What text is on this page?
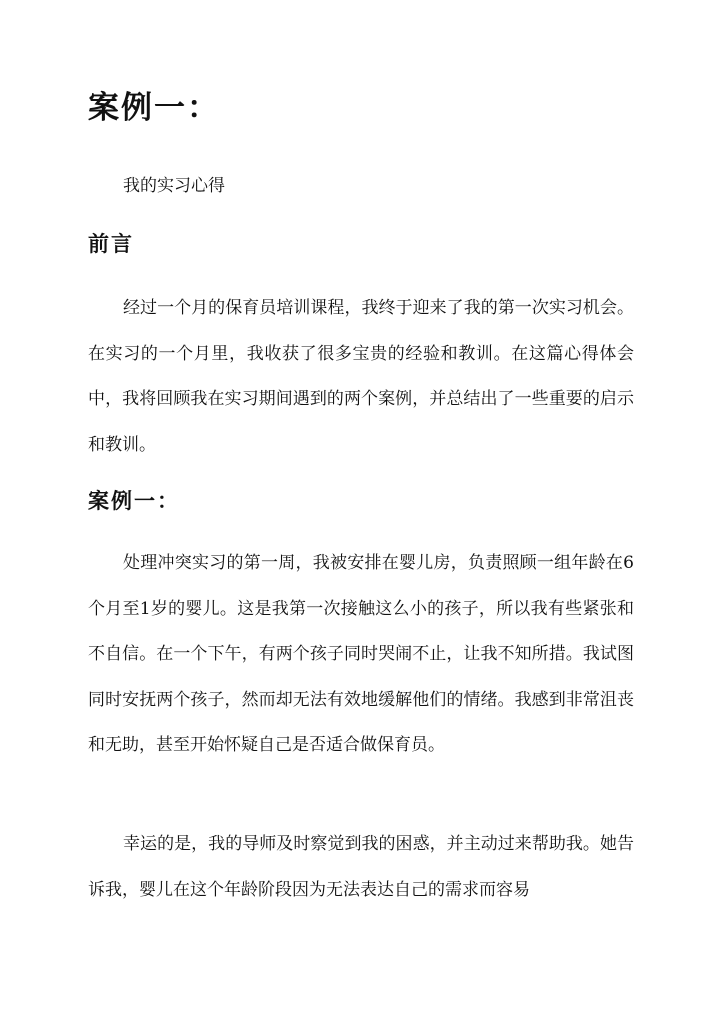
案例一：

我的实习心得

前言

经过一个月的保育员培训课程，我终于迎来了我的第一次实习机会。在实习的一个月里，我收获了很多宝贵的经验和教训。在这篇心得体会中，我将回顾我在实习期间遇到的两个案例，并总结出了一些重要的启示和教训。

案例一：

处理冲突实习的第一周，我被安排在婴儿房，负责照顾一组年龄在6个月至1岁的婴儿。这是我第一次接触这么小的孩子，所以我有些紧张和不自信。在一个下午，有两个孩子同时哭闹不止，让我不知所措。我试图同时安抚两个孩子，然而却无法有效地缓解他们的情绪。我感到非常沮丧和无助，甚至开始怀疑自己是否适合做保育员。

幸运的是，我的导师及时察觉到我的困惑，并主动过来帮助我。她告诉我，婴儿在这个年龄阶段因为无法表达自己的需求而容易
